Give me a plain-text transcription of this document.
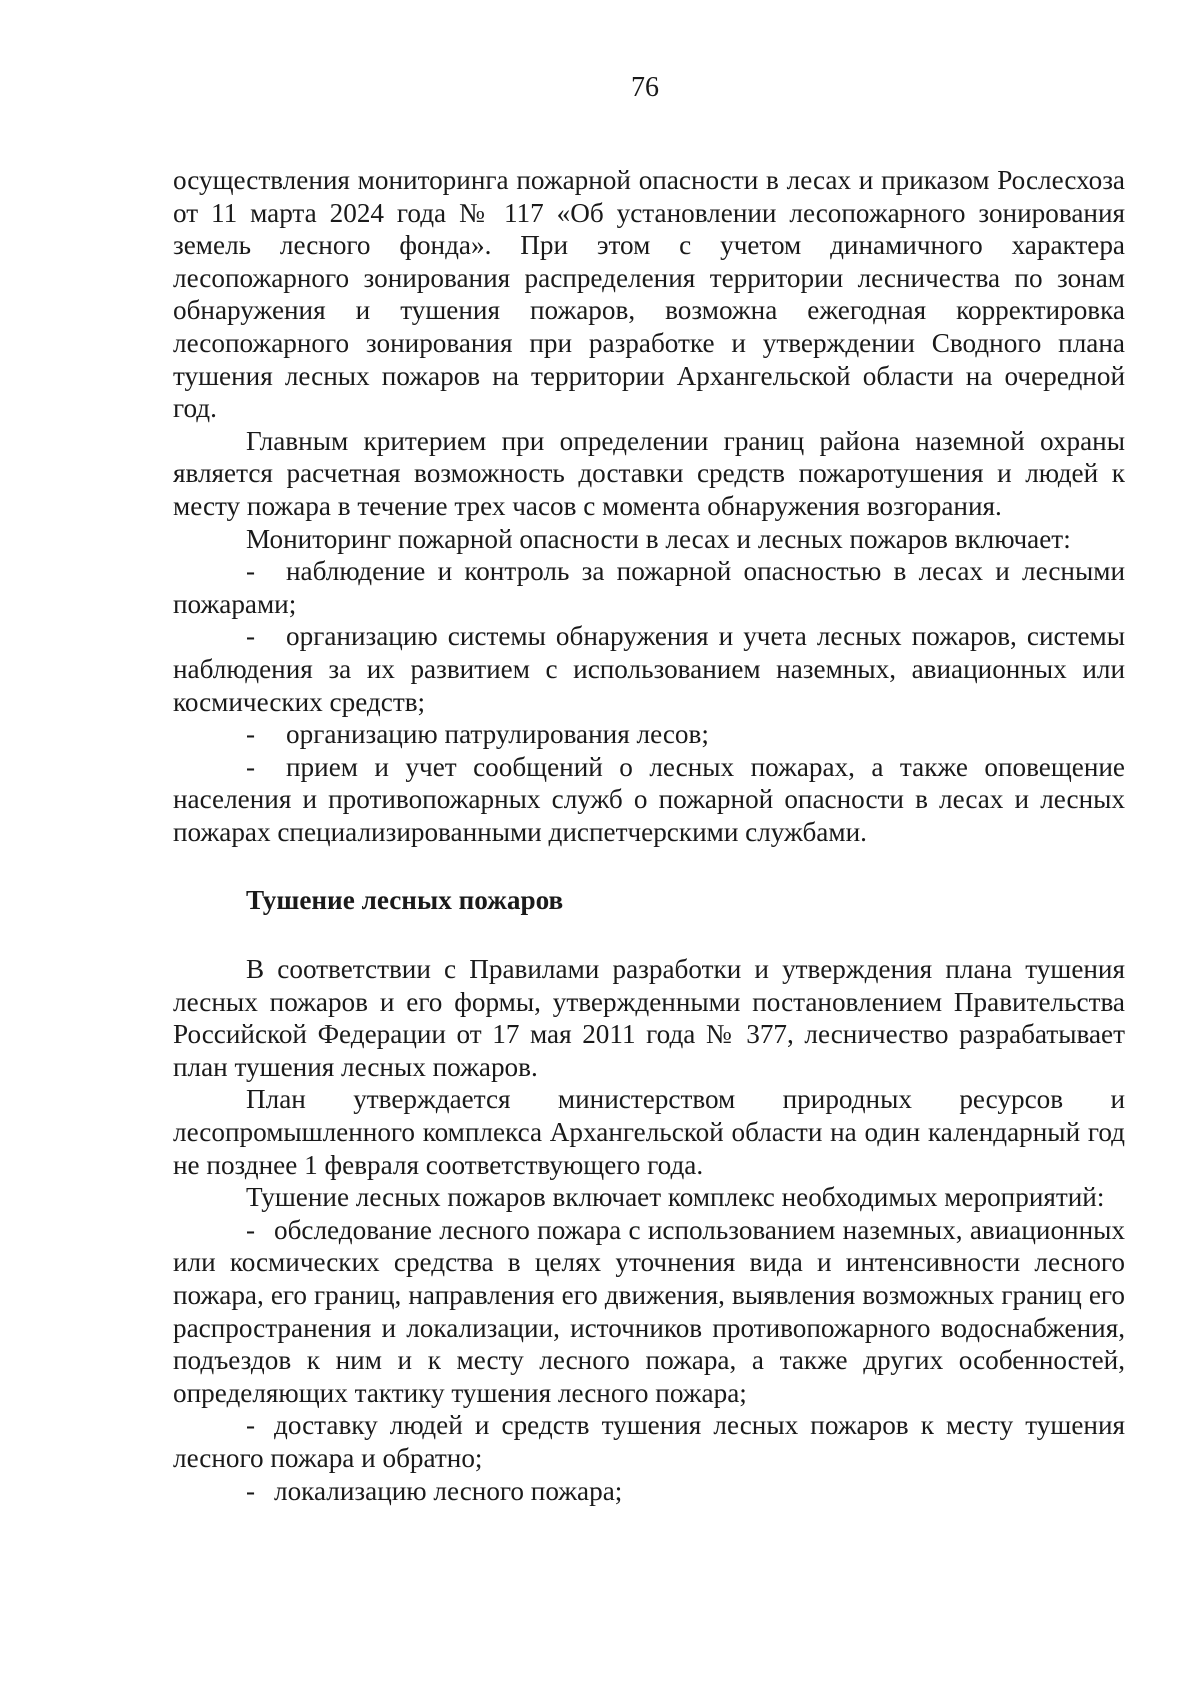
76

осуществления мониторинга пожарной опасности в лесах и приказом Рослесхоза от 11 марта 2024 года № 117 «Об установлении лесопожарного зонирования земель лесного фонда». При этом с учетом динамичного характера лесопожарного зонирования распределения территории лесничества по зонам обнаружения и тушения пожаров, возможна ежегодная корректировка лесопожарного зонирования при разработке и утверждении Сводного плана тушения лесных пожаров на территории Архангельской области на очередной год.

Главным критерием при определении границ района наземной охраны является расчетная возможность доставки средств пожаротушения и людей к месту пожара в течение трех часов с момента обнаружения возгорания.

Мониторинг пожарной опасности в лесах и лесных пожаров включает:

- наблюдение и контроль за пожарной опасностью в лесах и лесными пожарами;

- организацию системы обнаружения и учета лесных пожаров, системы наблюдения за их развитием с использованием наземных, авиационных или космических средств;

- организацию патрулирования лесов;

- прием и учет сообщений о лесных пожарах, а также оповещение населения и противопожарных служб о пожарной опасности в лесах и лесных пожарах специализированными диспетчерскими службами.

Тушение лесных пожаров

В соответствии с Правилами разработки и утверждения плана тушения лесных пожаров и его формы, утвержденными постановлением Правительства Российской Федерации от 17 мая 2011 года № 377, лесничество разрабатывает план тушения лесных пожаров.

План утверждается министерством природных ресурсов и лесопромышленного комплекса Архангельской области на один календарный год не позднее 1 февраля соответствующего года.

Тушение лесных пожаров включает комплекс необходимых мероприятий:

- обследование лесного пожара с использованием наземных, авиационных или космических средства в целях уточнения вида и интенсивности лесного пожара, его границ, направления его движения, выявления возможных границ его распространения и локализации, источников противопожарного водоснабжения, подъездов к ним и к месту лесного пожара, а также других особенностей, определяющих тактику тушения лесного пожара;

- доставку людей и средств тушения лесных пожаров к месту тушения лесного пожара и обратно;

- локализацию лесного пожара;
